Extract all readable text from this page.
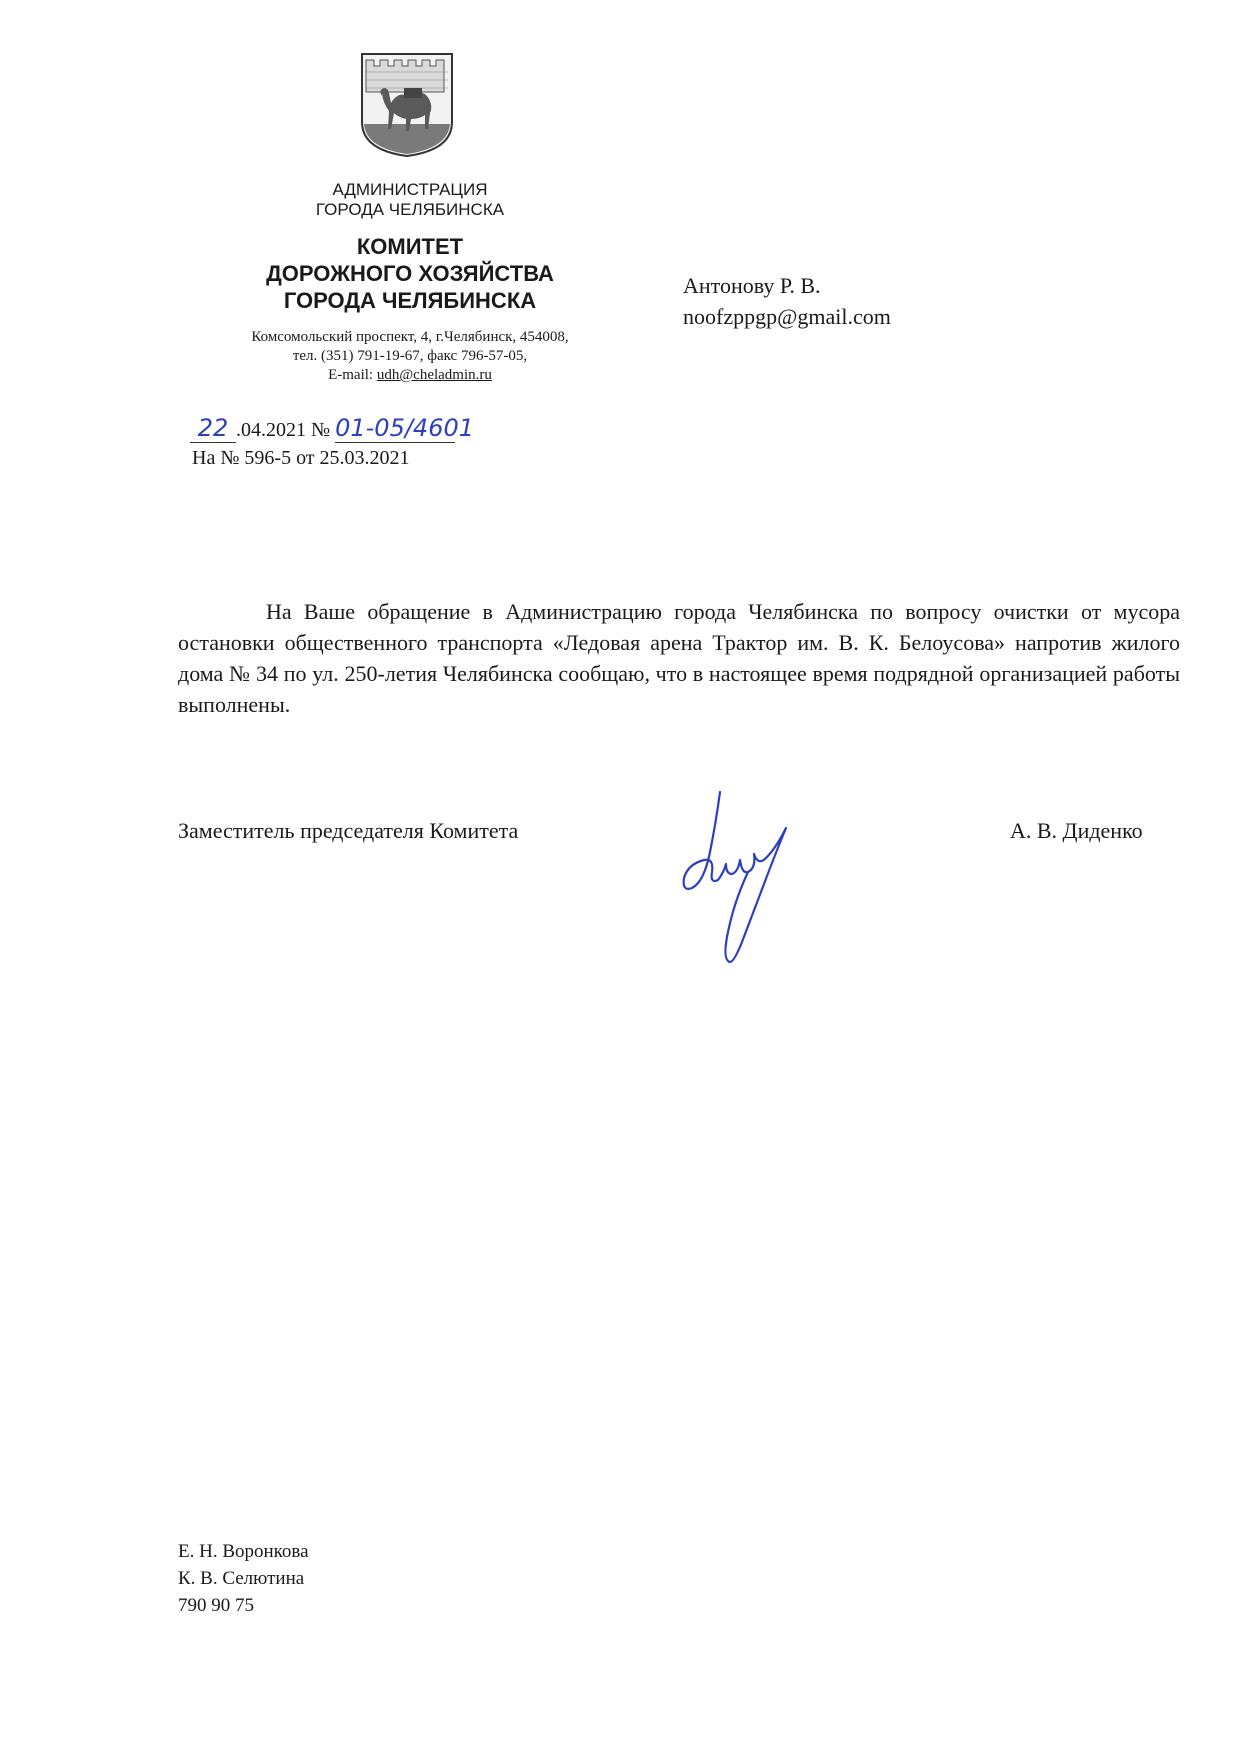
АДМИНИСТРАЦИЯ
ГОРОДА ЧЕЛЯБИНСКА
КОМИТЕТ
ДОРОЖНОГО ХОЗЯЙСТВА
ГОРОДА ЧЕЛЯБИНСКА
Комсомольский проспект, 4, г.Челябинск, 454008,
тел. (351) 791-19-67, факс 796-57-05,
E-mail: udh@cheladmin.ru
Антонову Р. В.
noofzppgp@gmail.com
22 .04.2021 № 01-05/4601
На № 596-5 от 25.03.2021
На Ваше обращение в Администрацию города Челябинска по вопросу очистки от мусора остановки общественного транспорта «Ледовая арена Трактор им. В. К. Белоусова» напротив жилого дома № 34 по ул. 250-летия Челябинска сообщаю, что в настоящее время подрядной организацией работы выполнены.
Заместитель председателя Комитета	А. В. Диденко
Е. Н. Воронкова
К. В. Селютина
790 90 75
